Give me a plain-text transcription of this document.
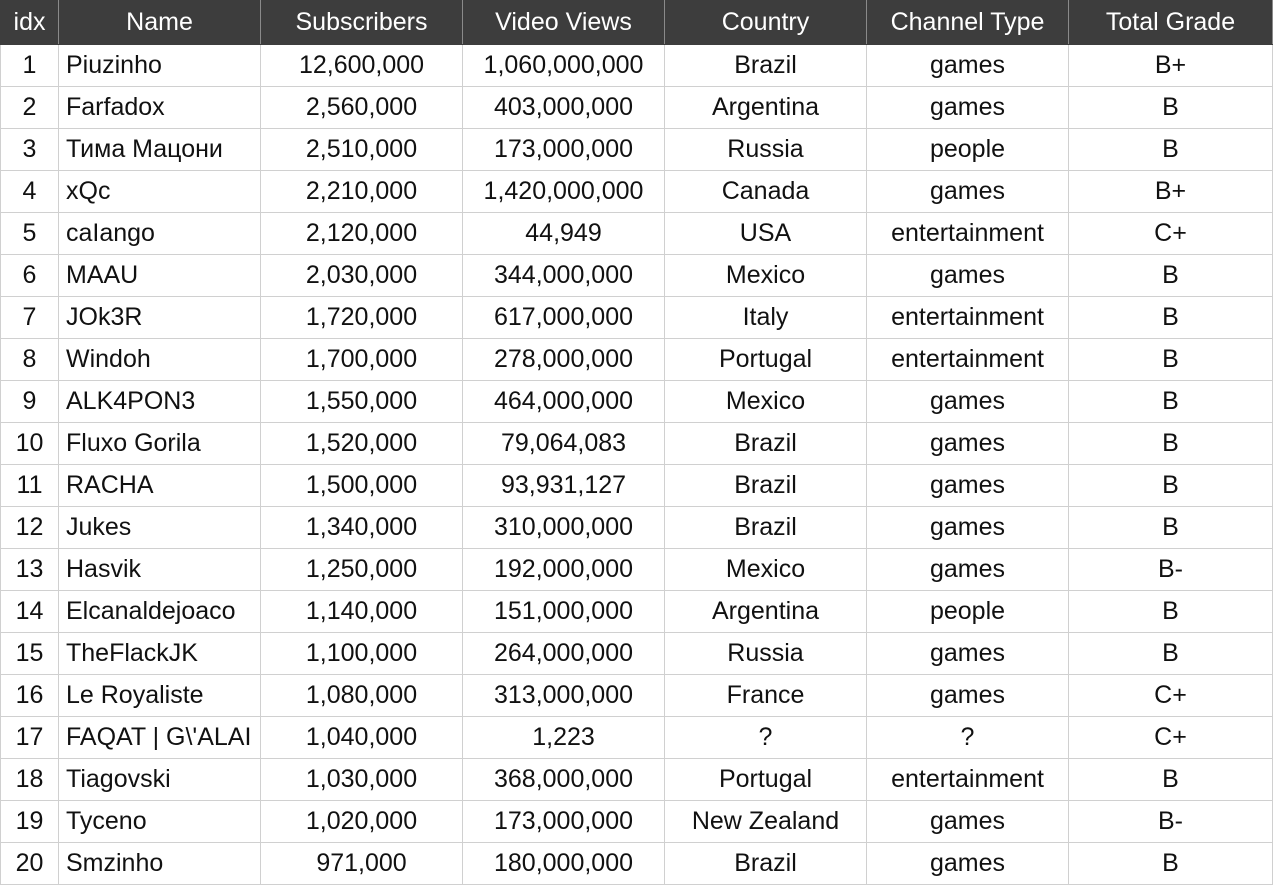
idx	Name	Subscribers	Video Views	Country	Channel Type	Total Grade
1	Piuzinho	12,600,000	1,060,000,000	Brazil	games	B+
2	Farfadox	2,560,000	403,000,000	Argentina	games	B
3	Тима Мацони	2,510,000	173,000,000	Russia	people	B
4	xQc	2,210,000	1,420,000,000	Canada	games	B+
5	caIango	2,120,000	44,949	USA	entertainment	C+
6	MAAU	2,030,000	344,000,000	Mexico	games	B
7	JOk3R	1,720,000	617,000,000	Italy	entertainment	B
8	Windoh	1,700,000	278,000,000	Portugal	entertainment	B
9	ALK4PON3	1,550,000	464,000,000	Mexico	games	B
10	Fluxo Gorila	1,520,000	79,064,083	Brazil	games	B
11	RACHA	1,500,000	93,931,127	Brazil	games	B
12	Jukes	1,340,000	310,000,000	Brazil	games	B
13	Hasvik	1,250,000	192,000,000	Mexico	games	B-
14	Elcanaldejoaco	1,140,000	151,000,000	Argentina	people	B
15	TheFlackJK	1,100,000	264,000,000	Russia	games	B
16	Le Royaliste	1,080,000	313,000,000	France	games	C+
17	FAQAT | G\'ALAI	1,040,000	1,223	?	?	C+
18	Tiagovski	1,030,000	368,000,000	Portugal	entertainment	B
19	Tyceno	1,020,000	173,000,000	New Zealand	games	B-
20	Smzinho	971,000	180,000,000	Brazil	games	B
